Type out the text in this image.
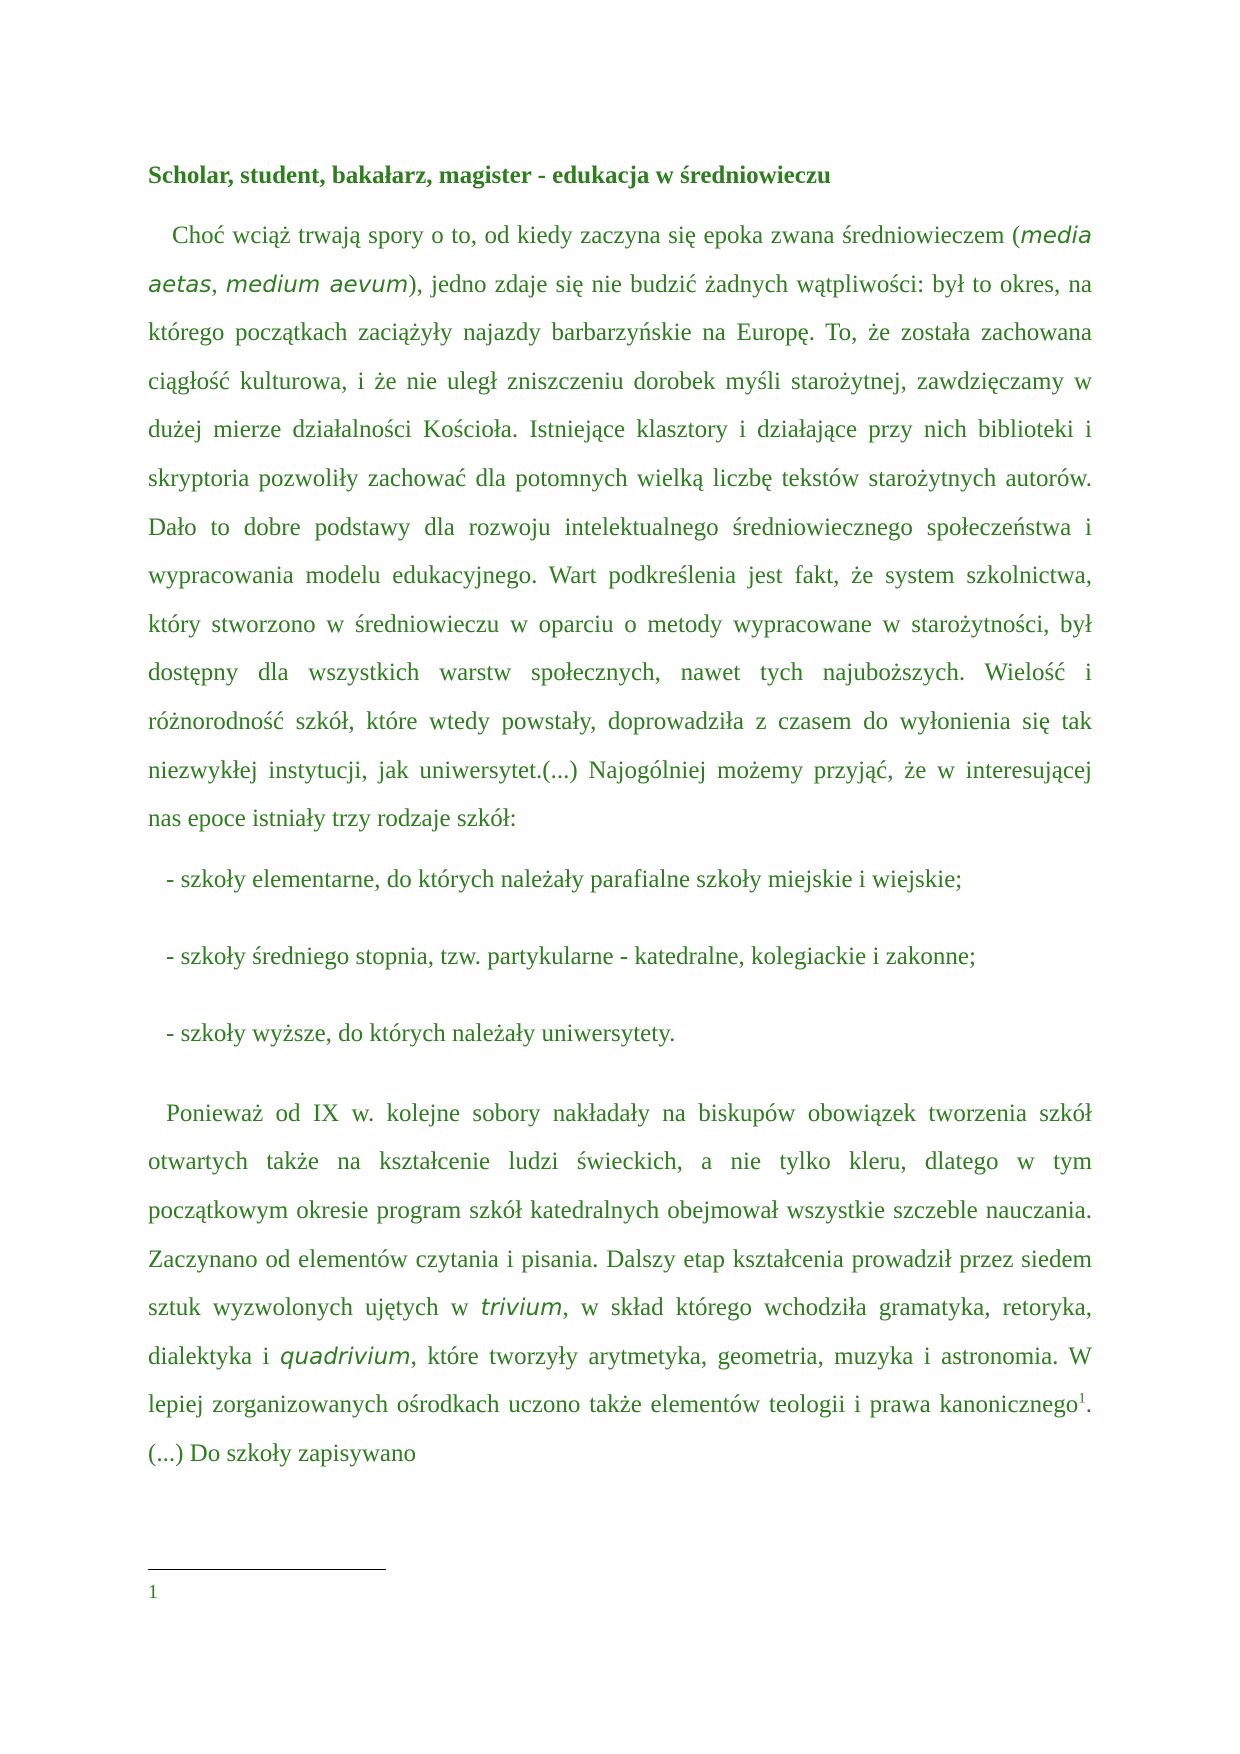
Scholar, student, bakałarz, magister - edukacja w średniowieczu

Choć wciąż trwają spory o to, od kiedy zaczyna się epoka zwana średniowieczem (media aetas, medium aevum), jedno zdaje się nie budzić żadnych wątpliwości: był to okres, na którego początkach zaciążyły najazdy barbarzyńskie na Europę. To, że została zachowana ciągłość kulturowa, i że nie uległ zniszczeniu dorobek myśli starożytnej, zawdzięczamy w dużej mierze działalności Kościoła. Istniejące klasztory i działające przy nich biblioteki i skryptoria pozwoliły zachować dla potomnych wielką liczbę tekstów starożytnych autorów. Dało to dobre podstawy dla rozwoju intelektualnego średniowiecznego społeczeństwa i wypracowania modelu edukacyjnego. Wart podkreślenia jest fakt, że system szkolnictwa, który stworzono w średniowieczu w oparciu o metody wypracowane w starożytności, był dostępny dla wszystkich warstw społecznych, nawet tych najuboższych. Wielość i różnorodność szkół, które wtedy powstały, doprowadziła z czasem do wyłonienia się tak niezwykłej instytucji, jak uniwersytet.(...) Najogólniej możemy przyjąć, że w interesującej nas epoce istniały trzy rodzaje szkół:

- szkoły elementarne, do których należały parafialne szkoły miejskie i wiejskie;
- szkoły średniego stopnia, tzw. partykularne - katedralne, kolegiackie i zakonne;
- szkoły wyższe, do których należały uniwersytety.

Ponieważ od IX w. kolejne sobory nakładały na biskupów obowiązek tworzenia szkół otwartych także na kształcenie ludzi świeckich, a nie tylko kleru, dlatego w tym początkowym okresie program szkół katedralnych obejmował wszystkie szczeble nauczania. Zaczynano od elementów czytania i pisania. Dalszy etap kształcenia prowadził przez siedem sztuk wyzwolonych ujętych w trivium, w skład którego wchodziła gramatyka, retoryka, dialektyka i quadrivium, które tworzyły arytmetyka, geometria, muzyka i astronomia. W lepiej zorganizowanych ośrodkach uczono także elementów teologii i prawa kanonicznego$^1$.(...) Do szkoły zapisywano

1
